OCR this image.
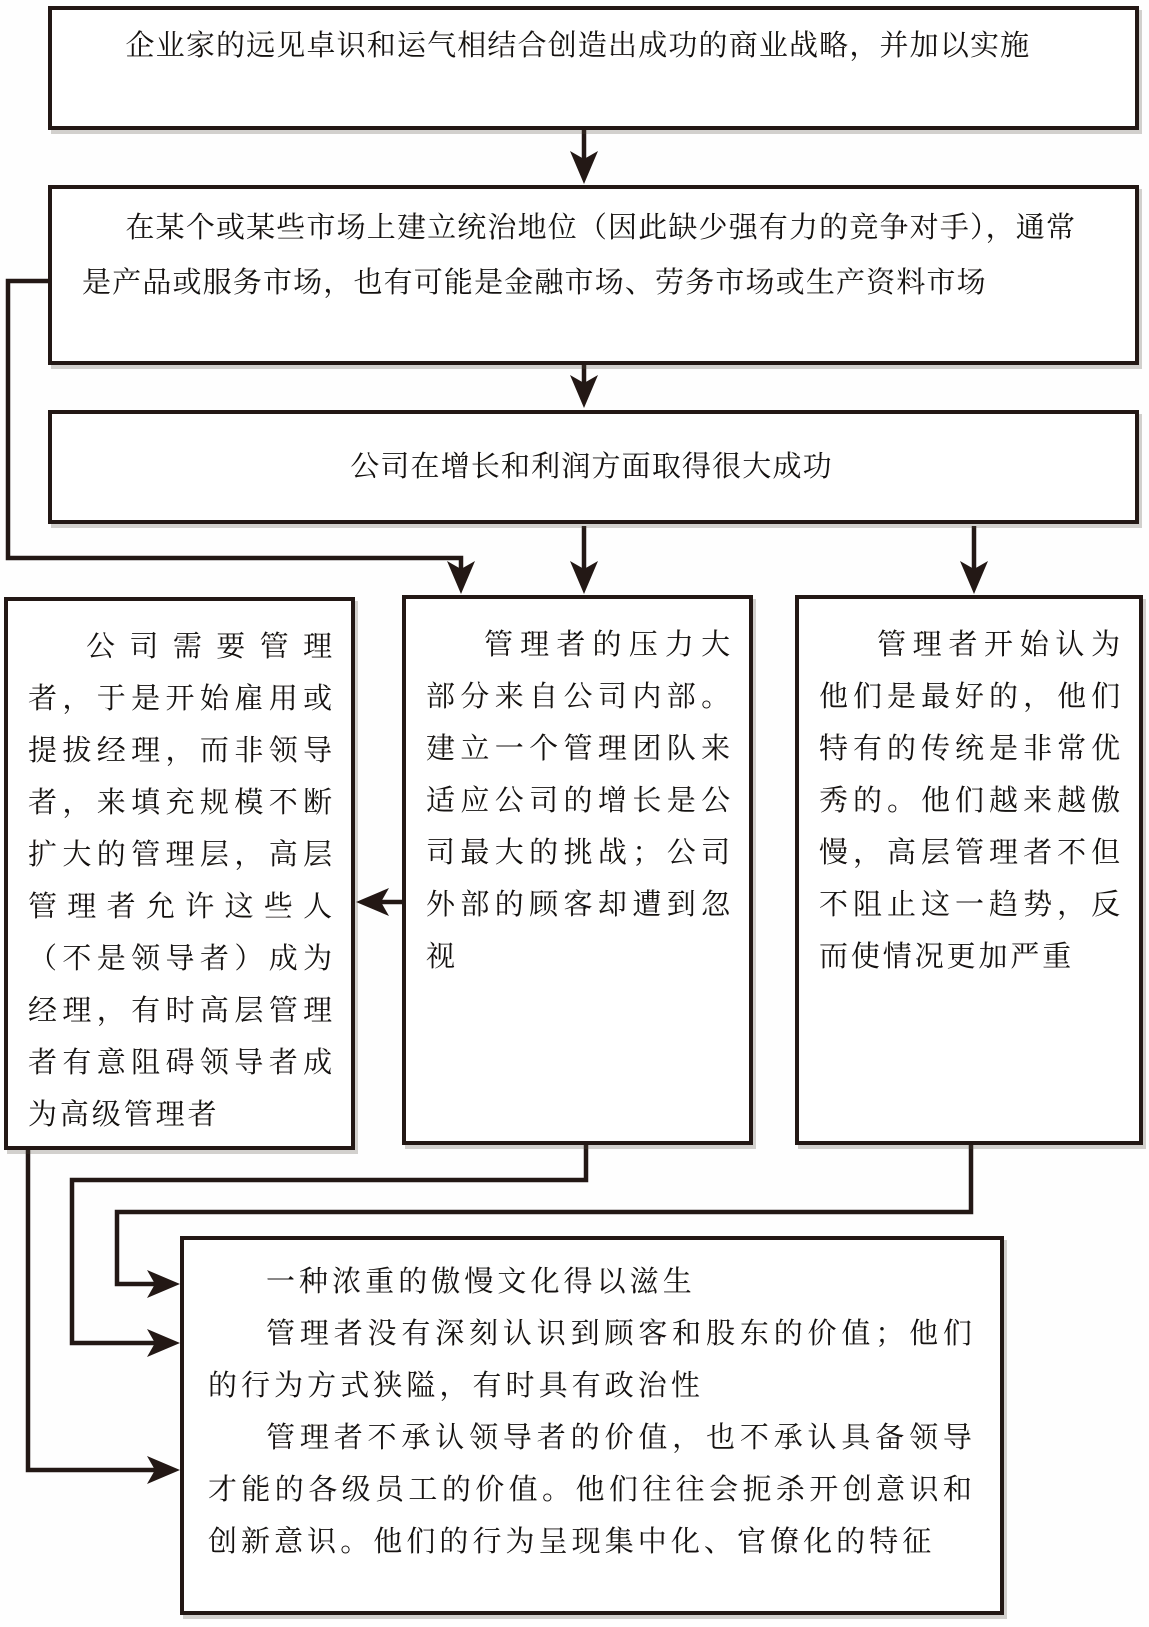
企业家的远见卓识和运气相结合创造出成功的商业战略，并加以实施

在某个或某些市场上建立统治地位（因此缺少强有力的竞争对手），通常是产品或服务市场，也有可能是金融市场、劳务市场或生产资料市场

公司在增长和利润方面取得很大成功

公司需要管理者，于是开始雇用或提拔经理，而非领导者，来填充规模不断扩大的管理层，高层管理者允许这些人（不是领导者）成为经理，有时高层管理者有意阻碍领导者成为高级管理者

管理者的压力大部分来自公司内部。建立一个管理团队来适应公司的增长是公司最大的挑战；公司外部的顾客却遭到忽视

管理者开始认为他们是最好的，他们特有的传统是非常优秀的。他们越来越傲慢，高层管理者不但不阻止这一趋势，反而使情况更加严重

一种浓重的傲慢文化得以滋生

管理者没有深刻认识到顾客和股东的价值；他们的行为方式狭隘，有时具有政治性

管理者不承认领导者的价值，也不承认具备领导才能的各级员工的价值。他们往往会扼杀开创意识和创新意识。他们的行为呈现集中化、官僚化的特征
